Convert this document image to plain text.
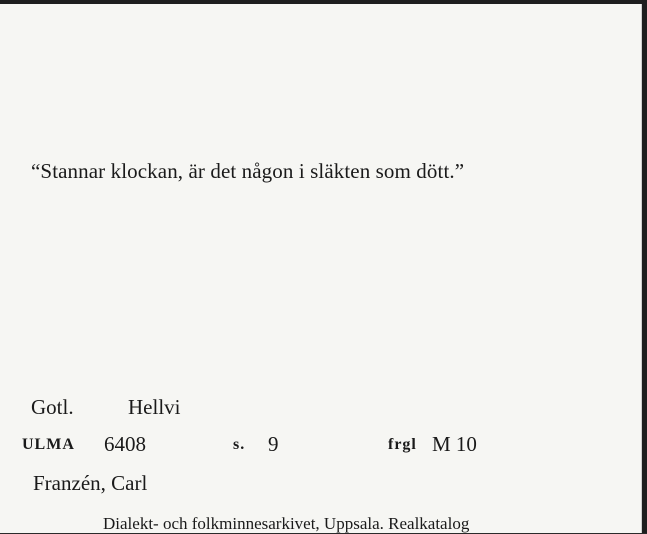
“Stannar klockan, är det någon i släkten som dött.”
Gotl.	Hellvi
ULMA 6408	s. 9	frgl M 10
Franzén, Carl
Dialekt- och folkminnesarkivet, Uppsala. Realkatalog
